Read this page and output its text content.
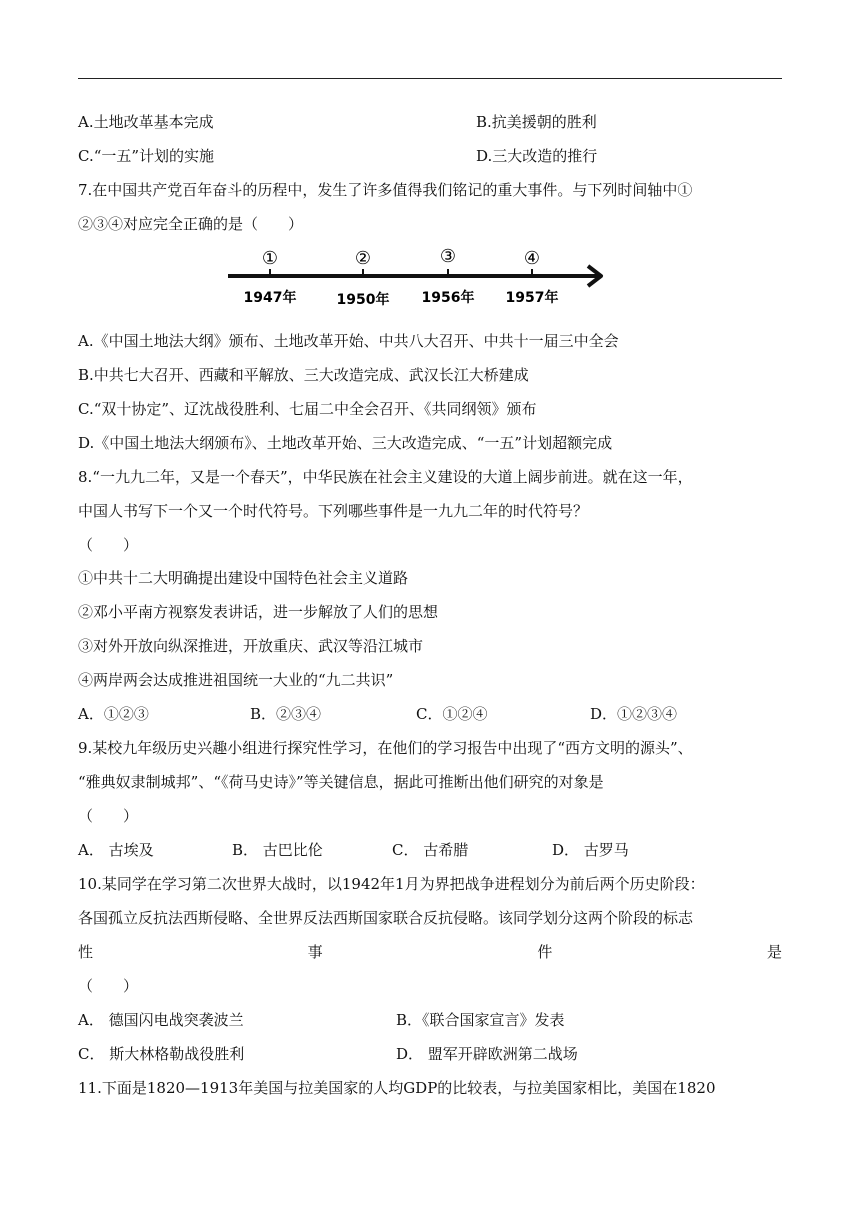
A.土地改革基本完成	B.抗美援朝的胜利
C.“一五”计划的实施	D.三大改造的推行
7.在中国共产党百年奋斗的历程中，发生了许多值得我们铭记的重大事件。与下列时间轴中①
②③④对应完全正确的是（　　）
①	②	③	④
1947年	1950年 1956年 1957年
A.《中国土地法大纲》颁布、土地改革开始、中共八大召开、中共十一届三中全会
B.中共七大召开、西藏和平解放、三大改造完成、武汉长江大桥建成
C.“双十协定”、辽沈战役胜利、七届二中全会召开、《共同纲领》颁布
D.《中国土地法大纲颁布》、土地改革开始、三大改造完成、“一五”计划超额完成
8.“一九九二年，又是一个春天”，中华民族在社会主义建设的大道上阔步前进。就在这一年，
中国人书写下一个又一个时代符号。下列哪些事件是一九九二年的时代符号？
（　　）
①中共十二大明确提出建设中国特色社会主义道路
②邓小平南方视察发表讲话，进一步解放了人们的思想
③对外开放向纵深推进，开放重庆、武汉等沿江城市
④两岸两会达成推进祖国统一大业的“九二共识”
A．①②③	B．②③④	C．①②④	D．①②③④
9.某校九年级历史兴趣小组进行探究性学习，在他们的学习报告中出现了“西方文明的源头”、
“雅典奴隶制城邦”、“《荷马史诗》”等关键信息，据此可推断出他们研究的对象是
（　　）
A． 古埃及	B． 古巴比伦	C． 古希腊	D． 古罗马
10.某同学在学习第二次世界大战时，以1942年1月为界把战争进程划分为前后两个历史阶段：
各国孤立反抗法西斯侵略、全世界反法西斯国家联合反抗侵略。该同学划分这两个阶段的标志
性	事	件	是
（　　）
A． 德国闪电战突袭波兰	B．《联合国家宣言》发表
C． 斯大林格勒战役胜利	D． 盟军开辟欧洲第二战场
11.下面是1820—1913年美国与拉美国家的人均GDP的比较表，与拉美国家相比，美国在1820
